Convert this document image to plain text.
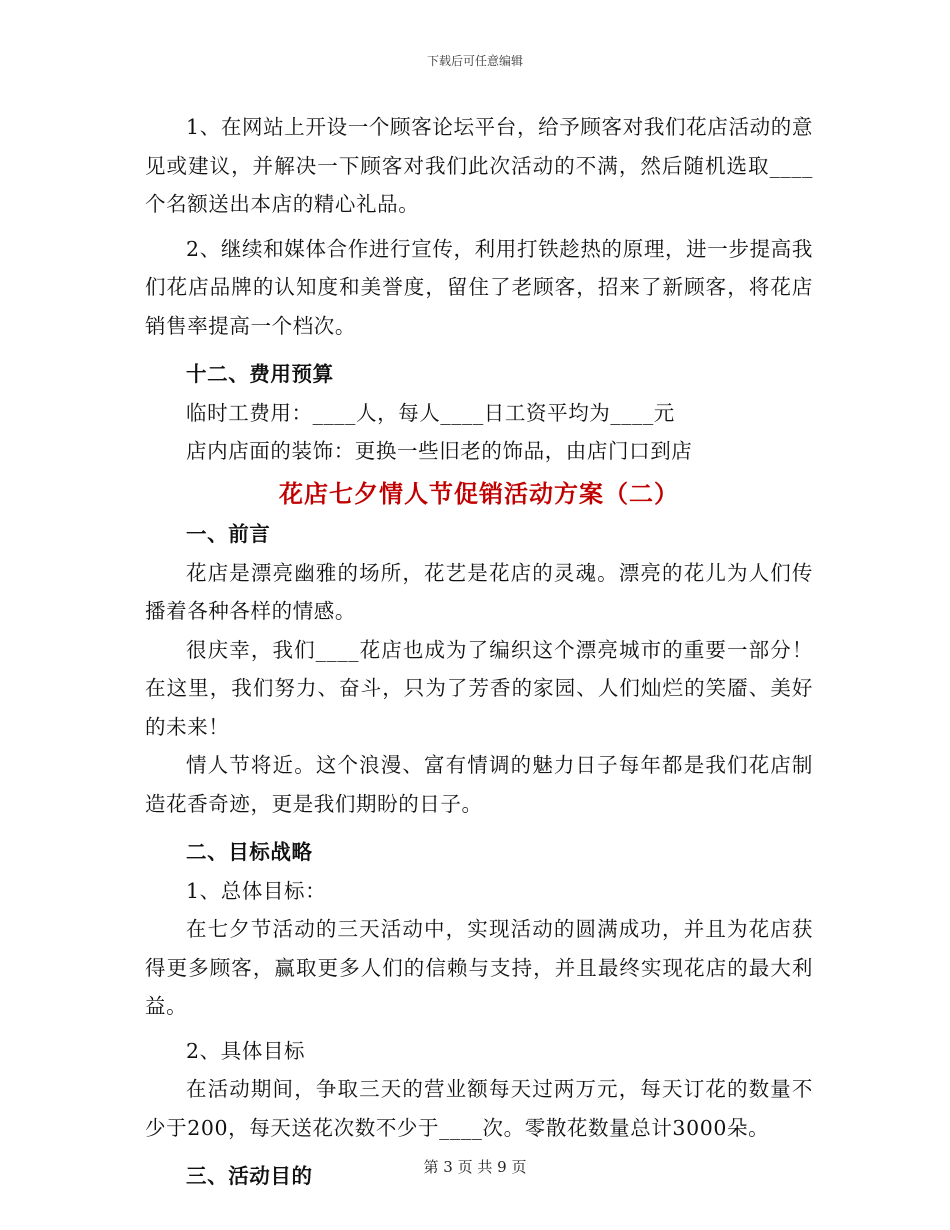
下载后可任意编辑

1、在网站上开设一个顾客论坛平台，给予顾客对我们花店活动的意见或建议，并解决一下顾客对我们此次活动的不满，然后随机选取____个名额送出本店的精心礼品。

2、继续和媒体合作进行宣传，利用打铁趁热的原理，进一步提高我们花店品牌的认知度和美誉度，留住了老顾客，招来了新顾客，将花店销售率提高一个档次。

十二、费用预算

临时工费用：____人，每人____日工资平均为____元

店内店面的装饰：更换一些旧老的饰品，由店门口到店

花店七夕情人节促销活动方案（二）

一、前言

花店是漂亮幽雅的场所，花艺是花店的灵魂。漂亮的花儿为人们传播着各种各样的情感。

很庆幸，我们____花店也成为了编织这个漂亮城市的重要一部分！在这里，我们努力、奋斗，只为了芳香的家园、人们灿烂的笑靥、美好的未来！

情人节将近。这个浪漫、富有情调的魅力日子每年都是我们花店制造花香奇迹，更是我们期盼的日子。

二、目标战略

1、总体目标：

在七夕节活动的三天活动中，实现活动的圆满成功，并且为花店获得更多顾客，赢取更多人们的信赖与支持，并且最终实现花店的最大利益。

2、具体目标

在活动期间，争取三天的营业额每天过两万元，每天订花的数量不少于200，每天送花次数不少于____次。零散花数量总计3000朵。

三、活动目的	第 3 页 共 9 页
